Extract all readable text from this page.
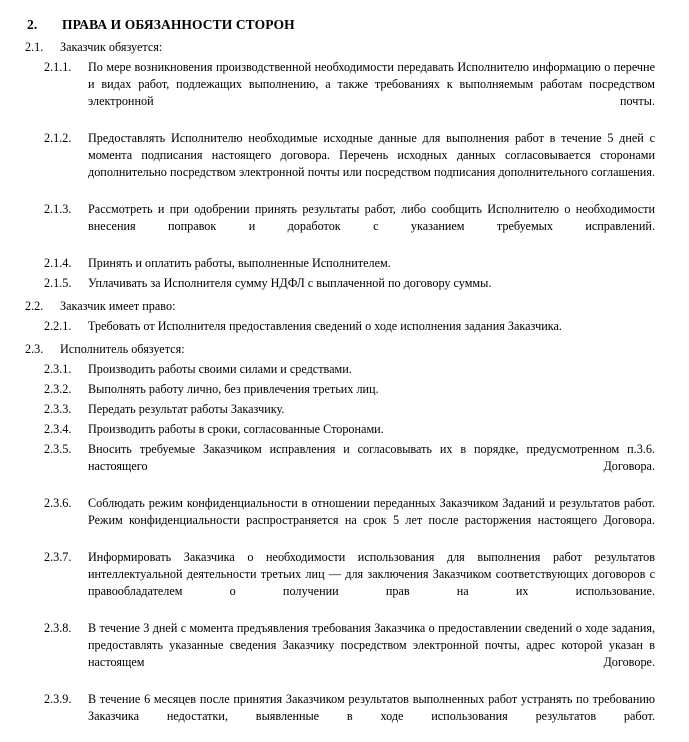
2.	ПРАВА И ОБЯЗАННОСТИ СТОРОН
2.1.	Заказчик обязуется:
2.1.1.	По мере возникновения производственной необходимости передавать Исполнителю информацию о перечне и видах работ, подлежащих выполнению, а также требованиях к выполняемым работам посредством электронной почты.
2.1.2.	Предоставлять Исполнителю необходимые исходные данные для выполнения работ в течение 5 дней с момента подписания настоящего договора. Перечень исходных данных согласовывается сторонами дополнительно посредством электронной почты или посредством подписания дополнительного соглашения.
2.1.3.	Рассмотреть и при одобрении принять результаты работ, либо сообщить Исполнителю о необходимости внесения поправок и доработок с указанием требуемых исправлений.
2.1.4.	Принять и оплатить работы, выполненные Исполнителем.
2.1.5.	Уплачивать за Исполнителя сумму НДФЛ с выплаченной по договору суммы.
2.2.	Заказчик имеет право:
2.2.1.	Требовать от Исполнителя предоставления сведений о ходе исполнения задания Заказчика.
2.3.	Исполнитель обязуется:
2.3.1.	Производить работы своими силами и средствами.
2.3.2.	Выполнять работу лично, без привлечения третьих лиц.
2.3.3.	Передать результат работы Заказчику.
2.3.4.	Производить работы в сроки, согласованные Сторонами.
2.3.5.	Вносить требуемые Заказчиком исправления и согласовывать их в порядке, предусмотренном п.3.6. настоящего Договора.
2.3.6.	Соблюдать режим конфиденциальности в отношении переданных Заказчиком Заданий и результатов работ. Режим конфиденциальности распространяется на срок 5 лет после расторжения настоящего Договора.
2.3.7.	Информировать Заказчика о необходимости использования для выполнения работ результатов интеллектуальной деятельности третьих лиц — для заключения Заказчиком соответствующих договоров с правообладателем о получении прав на их использование.
2.3.8.	В течение 3 дней с момента предъявления требования Заказчика о предоставлении сведений о ходе задания, предоставлять указанные сведения Заказчику посредством электронной почты, адрес которой указан в настоящем Договоре.
2.3.9.	В течение 6 месяцев после принятия Заказчиком результатов выполненных работ устранять по требованию Заказчика недостатки, выявленные в ходе использования результатов работ.
